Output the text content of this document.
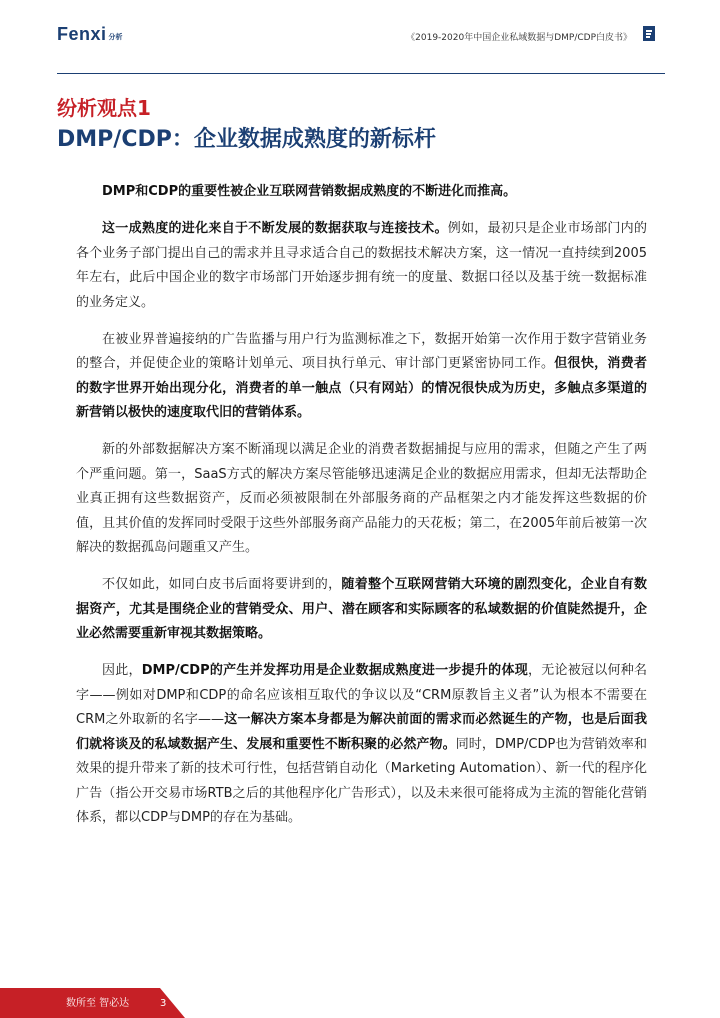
Fenxi 分析	《2019-2020年中国企业私域数据与DMP/CDP白皮书》
纷析观点1
DMP/CDP：企业数据成熟度的新标杆

DMP和CDP的重要性被企业互联网营销数据成熟度的不断进化而推高。

这一成熟度的进化来自于不断发展的数据获取与连接技术。例如，最初只是企业市场部门内的各个业务子部门提出自己的需求并且寻求适合自己的数据技术解决方案，这一情况一直持续到2005年左右，此后中国企业的数字市场部门开始逐步拥有统一的度量、数据口径以及基于统一数据标准的业务定义。

在被业界普遍接纳的广告监播与用户行为监测标准之下，数据开始第一次作用于数字营销业务的整合，并促使企业的策略计划单元、项目执行单元、审计部门更紧密协同工作。但很快，消费者的数字世界开始出现分化，消费者的单一触点（只有网站）的情况很快成为历史，多触点多渠道的新营销以极快的速度取代旧的营销体系。

新的外部数据解决方案不断涌现以满足企业的消费者数据捕捉与应用的需求，但随之产生了两个严重问题。第一，SaaS方式的解决方案尽管能够迅速满足企业的数据应用需求，但却无法帮助企业真正拥有这些数据资产，反而必须被限制在外部服务商的产品框架之内才能发挥这些数据的价值，且其价值的发挥同时受限于这些外部服务商产品能力的天花板；第二，在2005年前后被第一次解决的数据孤岛问题重又产生。

不仅如此，如同白皮书后面将要讲到的，随着整个互联网营销大环境的剧烈变化，企业自有数据资产，尤其是围绕企业的营销受众、用户、潜在顾客和实际顾客的私域数据的价值陡然提升，企业必然需要重新审视其数据策略。

因此，DMP/CDP的产生并发挥功用是企业数据成熟度进一步提升的体现，无论被冠以何种名字——例如对DMP和CDP的命名应该相互取代的争议以及“CRM原教旨主义者”认为根本不需要在CRM之外取新的名字——这一解决方案本身都是为解决前面的需求而必然诞生的产物，也是后面我们就将谈及的私域数据产生、发展和重要性不断积聚的必然产物。同时，DMP/CDP也为营销效率和效果的提升带来了新的技术可行性，包括营销自动化（Marketing Automation）、新一代的程序化广告（指公开交易市场RTB之后的其他程序化广告形式），以及未来很可能将成为主流的智能化营销体系，都以CDP与DMP的存在为基础。

数所至 智必达	3
